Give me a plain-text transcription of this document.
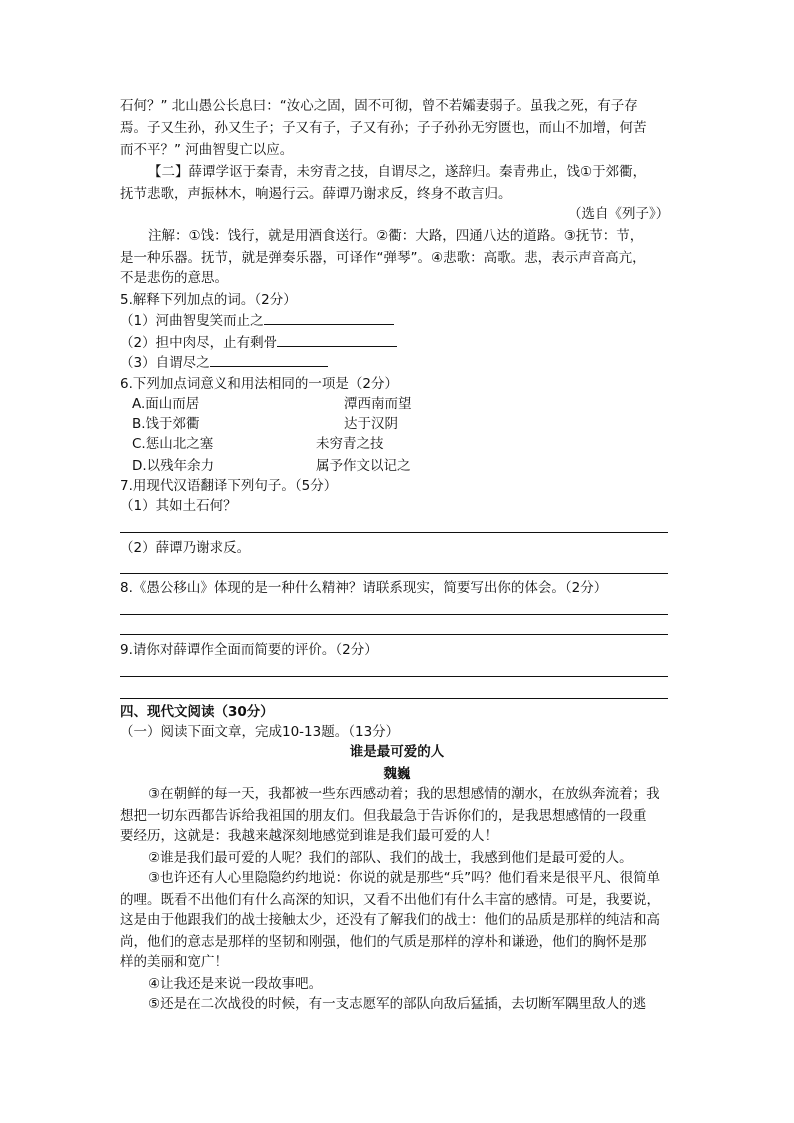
石何？” 北山愚公长息曰：“汝心之固，固不可彻，曾不若孀妻弱子。虽我之死，有子存
焉。子又生孙，孙又生子；子又有子，子又有孙；子子孙孙无穷匮也，而山不加增，何苦
而不平？” 河曲智叟亡以应。
【二】薛谭学讴于秦青，未穷青之技，自谓尽之，遂辞归。秦青弗止，饯①于郊衢，
抚节悲歌，声振林木，响遏行云。薛谭乃谢求反，终身不敢言归。
（选自《列子》）
注解：①饯：饯行，就是用酒食送行。②衢：大路，四通八达的道路。③抚节：节，
是一种乐器。抚节，就是弹奏乐器，可译作“弹琴”。④悲歌：高歌。悲，表示声音高亢，
不是悲伤的意思。
5.解释下列加点的词。（2分）
（1）河曲智叟笑而止之
（2）担中肉尽，止有剩骨
（3）自谓尽之
6.下列加点词意义和用法相同的一项是（2分）
A.面山而居	潭西南而望
B.饯于郊衢	达于汉阴
C.惩山北之塞	未穷青之技
D.以残年余力	属予作文以记之
7.用现代汉语翻译下列句子。（5分）
（1）其如土石何？
（2）薛谭乃谢求反。
8.《愚公移山》体现的是一种什么精神？请联系现实，简要写出你的体会。（2分）
9.请你对薛谭作全面而简要的评价。（2分）
四、现代文阅读（30分）
（一）阅读下面文章，完成10-13题。（13分）
谁是最可爱的人
魏巍
③在朝鲜的每一天，我都被一些东西感动着；我的思想感情的潮水，在放纵奔流着；我
想把一切东西都告诉给我祖国的朋友们。但我最急于告诉你们的，是我思想感情的一段重
要经历，这就是：我越来越深刻地感觉到谁是我们最可爱的人！
②谁是我们最可爱的人呢？我们的部队、我们的战士，我感到他们是最可爱的人。
③也许还有人心里隐隐约约地说：你说的就是那些“兵”吗？他们看来是很平凡、很简单
的哩。既看不出他们有什么高深的知识，又看不出他们有什么丰富的感情。可是，我要说，
这是由于他跟我们的战士接触太少，还没有了解我们的战士：他们的品质是那样的纯洁和高
尚，他们的意志是那样的坚韧和刚强，他们的气质是那样的淳朴和谦逊，他们的胸怀是那
样的美丽和宽广！
④让我还是来说一段故事吧。
⑤还是在二次战役的时候，有一支志愿军的部队向敌后猛插，去切断军隅里敌人的逃
